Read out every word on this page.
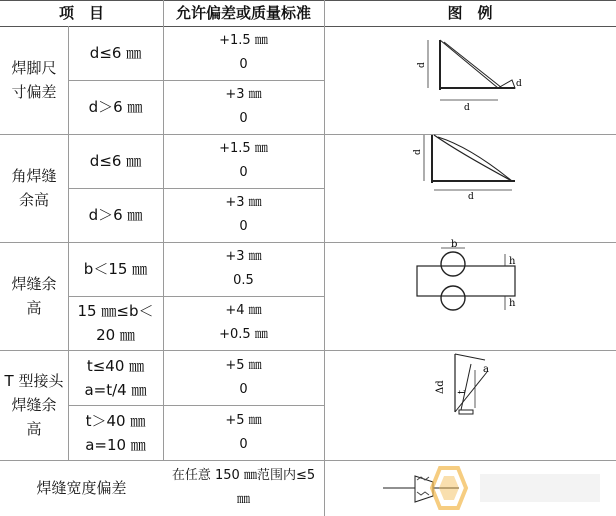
项　目	允许偏差或质量标准	图　例
焊脚尺
寸偏差
d≤6 ㎜
+1.5 ㎜
0
d＞6 ㎜
+3 ㎜
0
角焊缝
余高
d≤6 ㎜
+1.5 ㎜
0
d＞6 ㎜
+3 ㎜
0
焊缝余
高
b＜15 ㎜
+3 ㎜
0.5
15 ㎜≤b＜
20 ㎜
+4 ㎜
+0.5 ㎜
T 型接头
焊缝余
高
t≤40 ㎜
a=t/4 ㎜
+5 ㎜
0
t＞40 ㎜
a=10 ㎜
+5 ㎜
0
焊缝宽度偏差
在任意 150 ㎜范围内≤5
㎜
d
d
d
d
d
b
h
h
a
Δd t
